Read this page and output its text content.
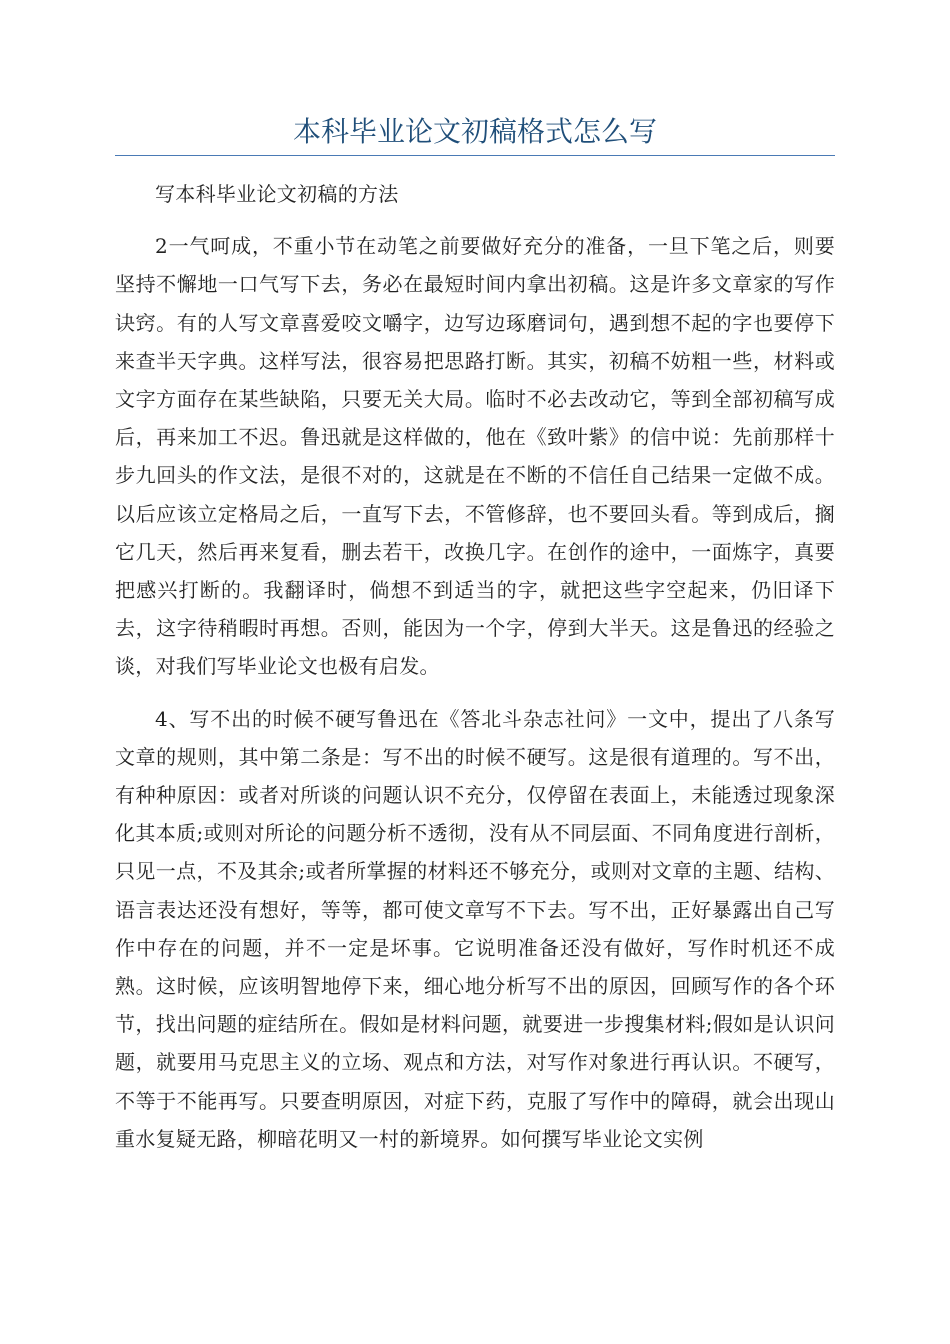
本科毕业论文初稿格式怎么写

写本科毕业论文初稿的方法

2一气呵成，不重小节在动笔之前要做好充分的准备，一旦下笔之后，则要坚持不懈地一口气写下去，务必在最短时间内拿出初稿。这是许多文章家的写作诀窍。有的人写文章喜爱咬文嚼字，边写边琢磨词句，遇到想不起的字也要停下来查半天字典。这样写法，很容易把思路打断。其实，初稿不妨粗一些，材料或文字方面存在某些缺陷，只要无关大局。临时不必去改动它，等到全部初稿写成后，再来加工不迟。鲁迅就是这样做的，他在《致叶紫》的信中说：先前那样十步九回头的作文法，是很不对的，这就是在不断的不信任自己结果一定做不成。以后应该立定格局之后，一直写下去，不管修辞，也不要回头看。等到成后，搁它几天，然后再来复看，删去若干，改换几字。在创作的途中，一面炼字，真要把感兴打断的。我翻译时，倘想不到适当的字，就把这些字空起来，仍旧译下去，这字待稍暇时再想。否则，能因为一个字，停到大半天。这是鲁迅的经验之谈，对我们写毕业论文也极有启发。

4、写不出的时候不硬写鲁迅在《答北斗杂志社问》一文中，提出了八条写文章的规则，其中第二条是：写不出的时候不硬写。这是很有道理的。写不出，有种种原因：或者对所谈的问题认识不充分，仅停留在表面上，未能透过现象深化其本质;或则对所论的问题分析不透彻，没有从不同层面、不同角度进行剖析，只见一点，不及其余;或者所掌握的材料还不够充分，或则对文章的主题、结构、语言表达还没有想好，等等，都可使文章写不下去。写不出，正好暴露出自己写作中存在的问题，并不一定是坏事。它说明准备还没有做好，写作时机还不成熟。这时候，应该明智地停下来，细心地分析写不出的原因，回顾写作的各个环节，找出问题的症结所在。假如是材料问题，就要进一步搜集材料;假如是认识问题，就要用马克思主义的立场、观点和方法，对写作对象进行再认识。不硬写，不等于不能再写。只要查明原因，对症下药，克服了写作中的障碍，就会出现山重水复疑无路，柳暗花明又一村的新境界。如何撰写毕业论文实例
